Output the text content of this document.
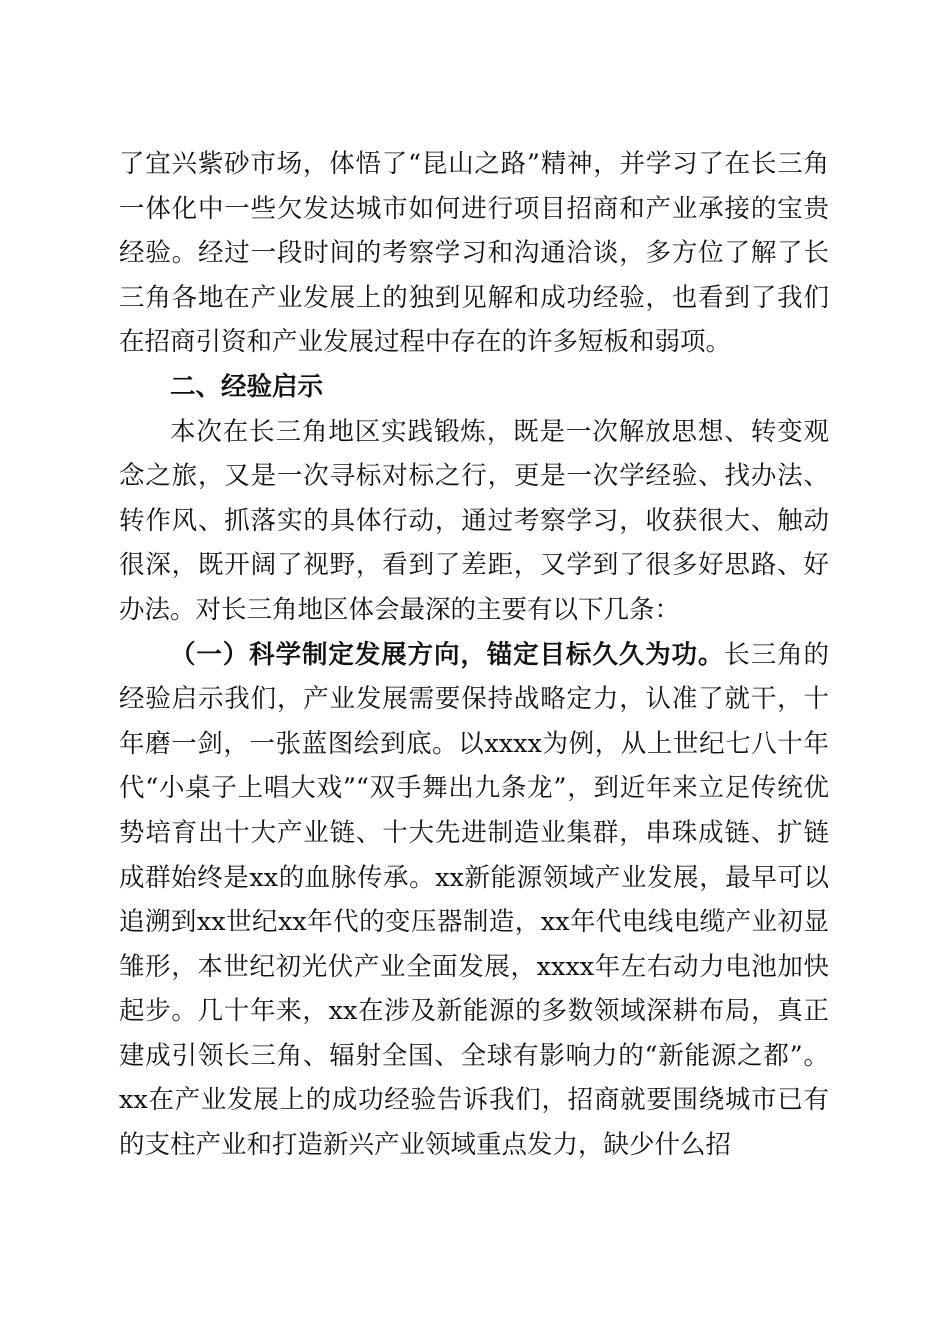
了宜兴紫砂市场，体悟了“昆山之路”精神，并学习了在长三角一体化中一些欠发达城市如何进行项目招商和产业承接的宝贵经验。经过一段时间的考察学习和沟通洽谈，多方位了解了长三角各地在产业发展上的独到见解和成功经验，也看到了我们在招商引资和产业发展过程中存在的许多短板和弱项。

二、经验启示

本次在长三角地区实践锻炼，既是一次解放思想、转变观念之旅，又是一次寻标对标之行，更是一次学经验、找办法、转作风、抓落实的具体行动，通过考察学习，收获很大、触动很深，既开阔了视野，看到了差距，又学到了很多好思路、好办法。对长三角地区体会最深的主要有以下几条：

（一）科学制定发展方向，锚定目标久久为功。长三角的经验启示我们，产业发展需要保持战略定力，认准了就干，十年磨一剑，一张蓝图绘到底。以xxxx为例，从上世纪七八十年代“小桌子上唱大戏”“双手舞出九条龙”，到近年来立足传统优势培育出十大产业链、十大先进制造业集群，串珠成链、扩链成群始终是xx的血脉传承。xx新能源领域产业发展，最早可以追溯到xx世纪xx年代的变压器制造，xx年代电线电缆产业初显雏形，本世纪初光伏产业全面发展，xxxx年左右动力电池加快起步。几十年来，xx在涉及新能源的多数领域深耕布局，真正建成引领长三角、辐射全国、全球有影响力的“新能源之都”。xx在产业发展上的成功经验告诉我们，招商就要围绕城市已有的支柱产业和打造新兴产业领域重点发力，缺少什么招
